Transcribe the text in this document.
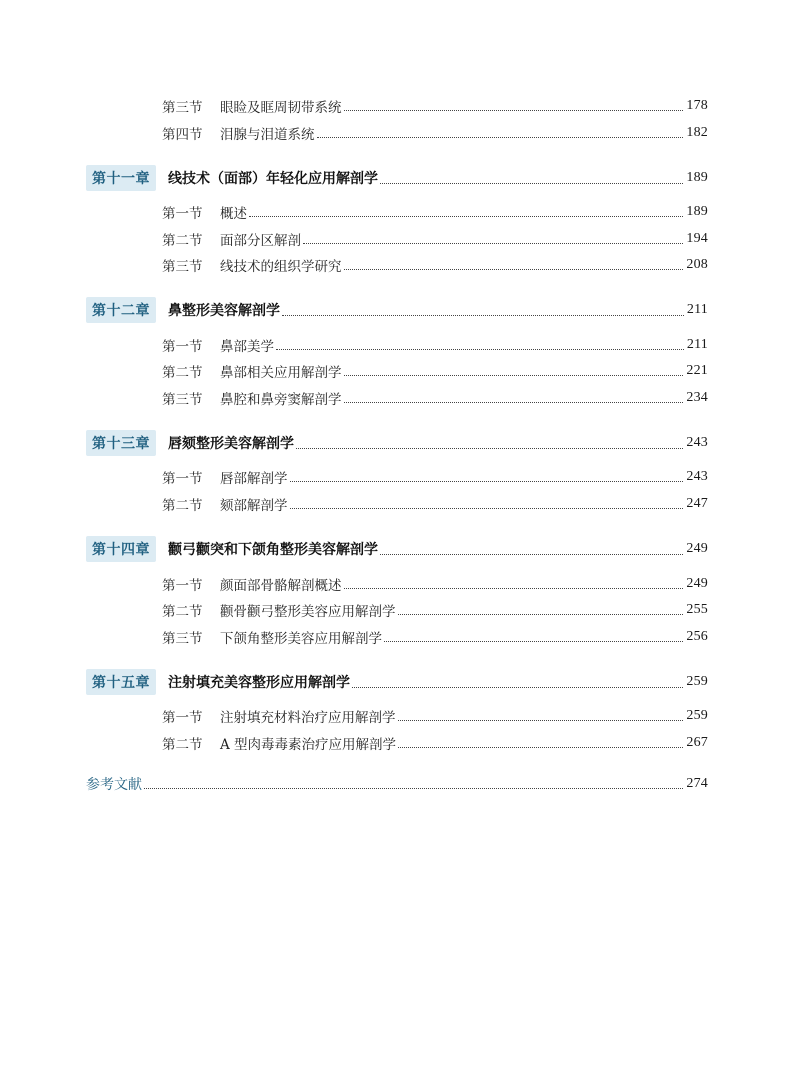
第三节	眼睑及眶周韧带系统	178
第四节	泪腺与泪道系统	182
第十一章	线技术（面部）年轻化应用解剖学	189
第一节	概述	189
第二节	面部分区解剖	194
第三节	线技术的组织学研究	208
第十二章	鼻整形美容解剖学	211
第一节	鼻部美学	211
第二节	鼻部相关应用解剖学	221
第三节	鼻腔和鼻旁窦解剖学	234
第十三章	唇颏整形美容解剖学	243
第一节	唇部解剖学	243
第二节	颏部解剖学	247
第十四章	颧弓颧突和下颌角整形美容解剖学	249
第一节	颜面部骨骼解剖概述	249
第二节	颧骨颧弓整形美容应用解剖学	255
第三节	下颌角整形美容应用解剖学	256
第十五章	注射填充美容整形应用解剖学	259
第一节	注射填充材料治疗应用解剖学	259
第二节	A 型肉毒毒素治疗应用解剖学	267
参考文献	274
